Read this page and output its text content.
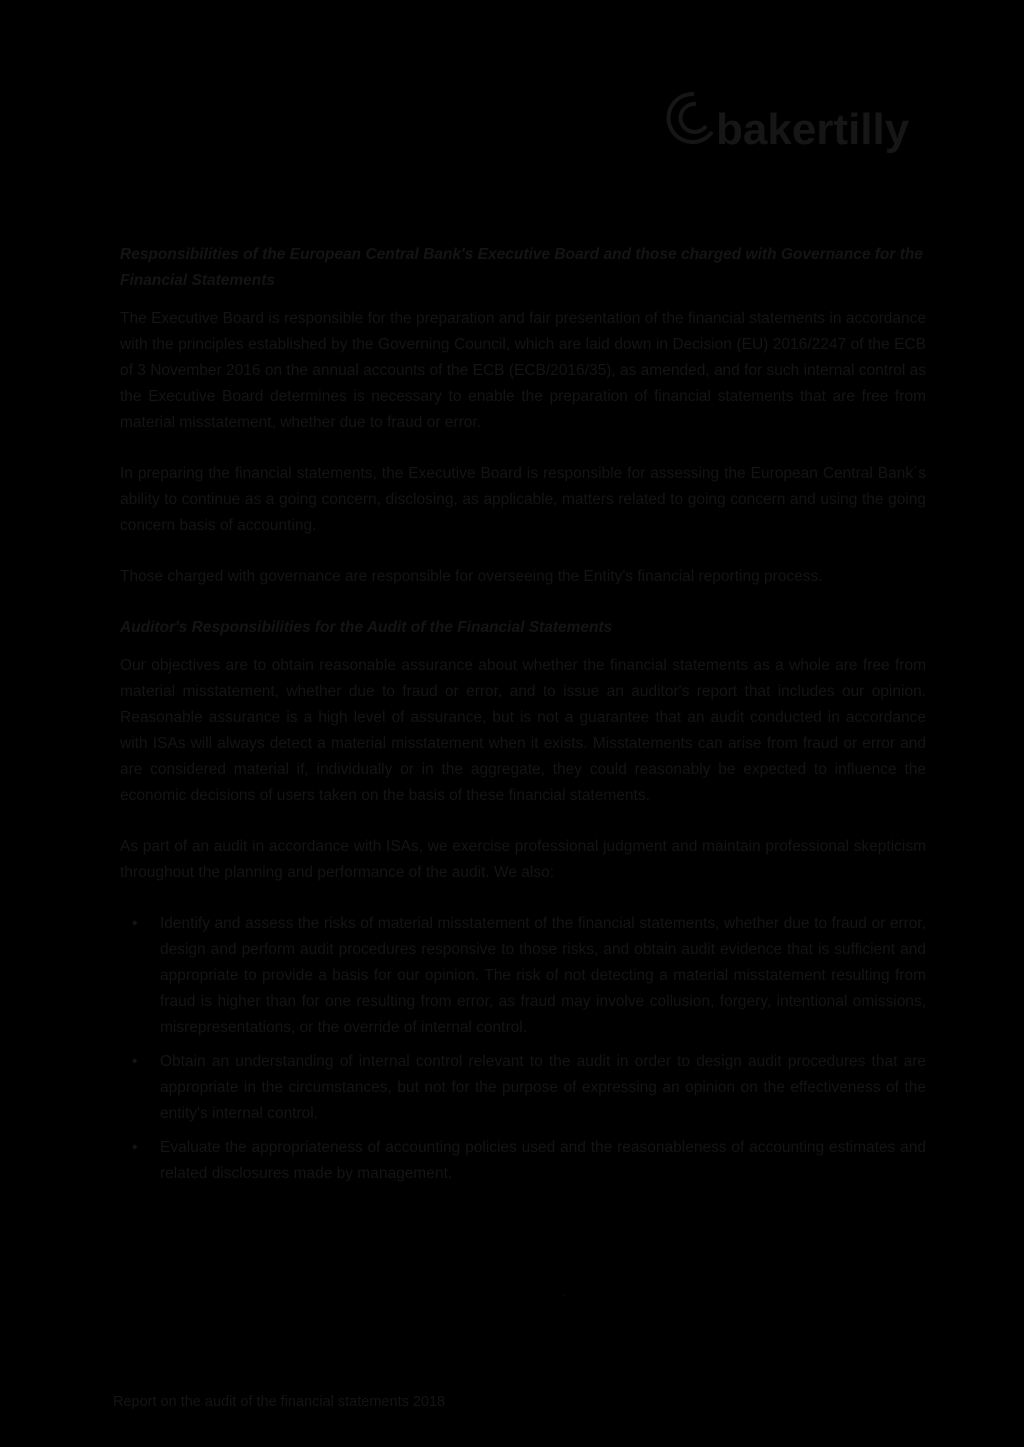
bakertilly
Responsibilities of the European Central Bank's Executive Board and those charged with Governance for the Financial Statements

The Executive Board is responsible for the preparation and fair presentation of the financial statements in accordance with the principles established by the Governing Council, which are laid down in Decision (EU) 2016/2247 of the ECB of 3 November 2016 on the annual accounts of the ECB (ECB/2016/35), as amended, and for such internal control as the Executive Board determines is necessary to enable the preparation of financial statements that are free from material misstatement, whether due to fraud or error.

In preparing the financial statements, the Executive Board is responsible for assessing the European Central Bank´s ability to continue as a going concern, disclosing, as applicable, matters related to going concern and using the going concern basis of accounting.

Those charged with governance are responsible for overseeing the Entity's financial reporting process.

Auditor's Responsibilities for the Audit of the Financial Statements

Our objectives are to obtain reasonable assurance about whether the financial statements as a whole are free from material misstatement, whether due to fraud or error, and to issue an auditor's report that includes our opinion. Reasonable assurance is a high level of assurance, but is not a guarantee that an audit conducted in accordance with ISAs will always detect a material misstatement when it exists. Misstatements can arise from fraud or error and are considered material if, individually or in the aggregate, they could reasonably be expected to influence the economic decisions of users taken on the basis of these financial statements.

As part of an audit in accordance with ISAs, we exercise professional judgment and maintain professional skepticism throughout the planning and performance of the audit. We also:

• Identify and assess the risks of material misstatement of the financial statements, whether due to fraud or error, design and perform audit procedures responsive to those risks, and obtain audit evidence that is sufficient and appropriate to provide a basis for our opinion. The risk of not detecting a material misstatement resulting from fraud is higher than for one resulting from error, as fraud may involve collusion, forgery, intentional omissions, misrepresentations, or the override of internal control.
• Obtain an understanding of internal control relevant to the audit in order to design audit procedures that are appropriate in the circumstances, but not for the purpose of expressing an opinion on the effectiveness of the entity's internal control.
• Evaluate the appropriateness of accounting policies used and the reasonableness of accounting estimates and related disclosures made by management.
.
Report on the audit of the financial statements 2018
